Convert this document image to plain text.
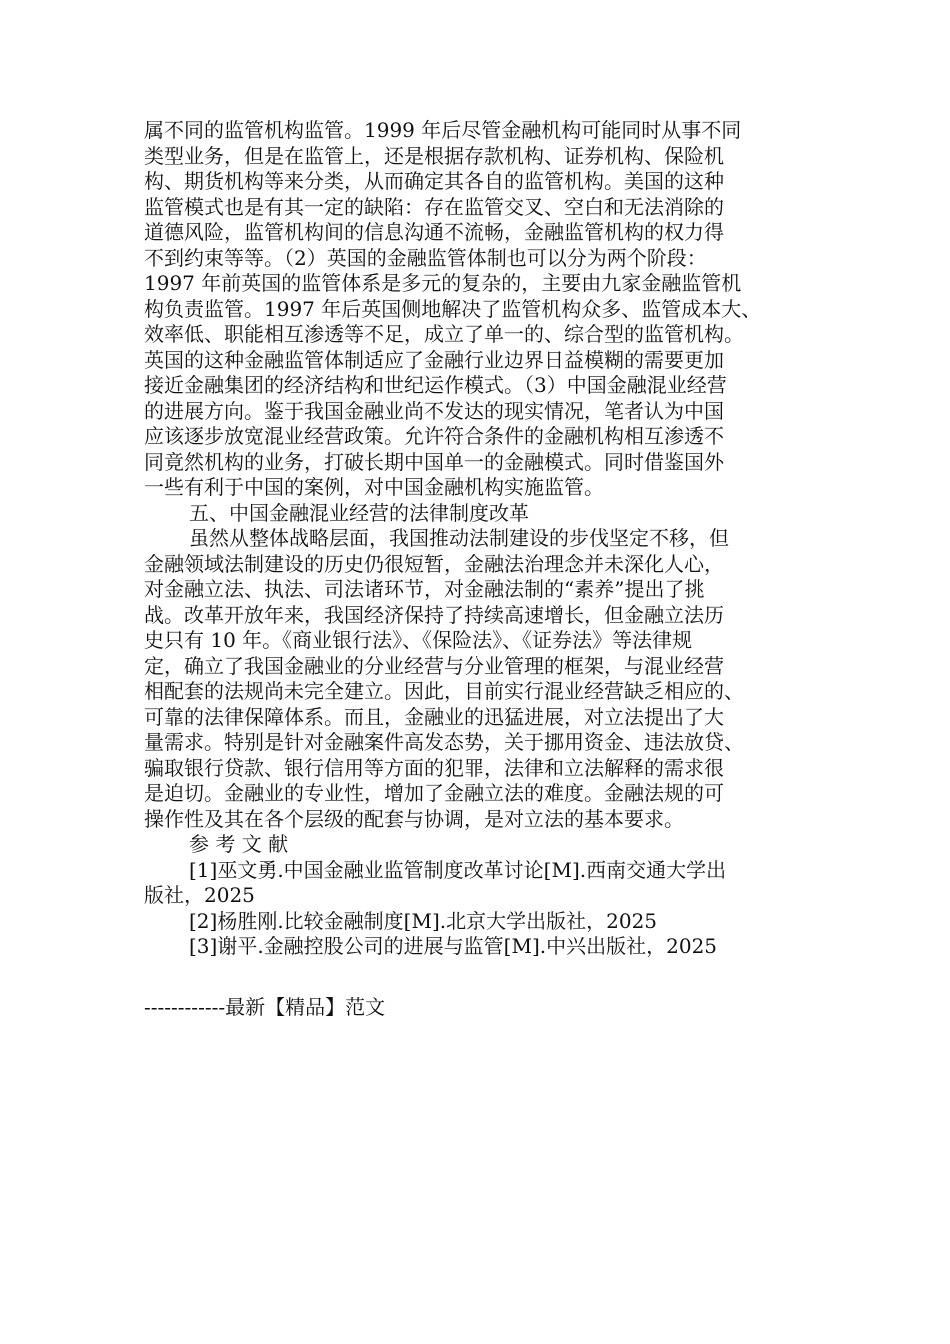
属不同的监管机构监管。1999 年后尽管金融机构可能同时从事不同
类型业务，但是在监管上，还是根据存款机构、证券机构、保险机
构、期货机构等来分类，从而确定其各自的监管机构。美国的这种
监管模式也是有其一定的缺陷：存在监管交叉、空白和无法消除的
道德风险，监管机构间的信息沟通不流畅，金融监管机构的权力得
不到约束等等。（2）英国的金融监管体制也可以分为两个阶段：
1997 年前英国的监管体系是多元的复杂的，主要由九家金融监管机
构负责监管。1997 年后英国侧地解决了监管机构众多、监管成本大、
效率低、职能相互渗透等不足，成立了单一的、综合型的监管机构。
英国的这种金融监管体制适应了金融行业边界日益模糊的需要更加
接近金融集团的经济结构和世纪运作模式。（3）中国金融混业经营
的进展方向。鉴于我国金融业尚不发达的现实情况，笔者认为中国
应该逐步放宽混业经营政策。允许符合条件的金融机构相互渗透不
同竟然机构的业务，打破长期中国单一的金融模式。同时借鉴国外
一些有利于中国的案例，对中国金融机构实施监管。
五、中国金融混业经营的法律制度改革
虽然从整体战略层面，我国推动法制建设的步伐坚定不移，但
金融领域法制建设的历史仍很短暂，金融法治理念并未深化人心，
对金融立法、执法、司法诸环节，对金融法制的“素养”提出了挑
战。改革开放年来，我国经济保持了持续高速增长，但金融立法历
史只有 10 年。《商业银行法》、《保险法》、《证券法》等法律规
定，确立了我国金融业的分业经营与分业管理的框架，与混业经营
相配套的法规尚未完全建立。因此，目前实行混业经营缺乏相应的、
可靠的法律保障体系。而且，金融业的迅猛进展，对立法提出了大
量需求。特别是针对金融案件高发态势，关于挪用资金、违法放贷、
骗取银行贷款、银行信用等方面的犯罪，法律和立法解释的需求很
是迫切。金融业的专业性，增加了金融立法的难度。金融法规的可
操作性及其在各个层级的配套与协调，是对立法的基本要求。
参 考 文 献
[1]巫文勇.中国金融业监管制度改革讨论[M].西南交通大学出
版社，2025
[2]杨胜刚.比较金融制度[M].北京大学出版社，2025
[3]谢平.金融控股公司的进展与监管[M].中兴出版社，2025
------------最新【精品】范文
